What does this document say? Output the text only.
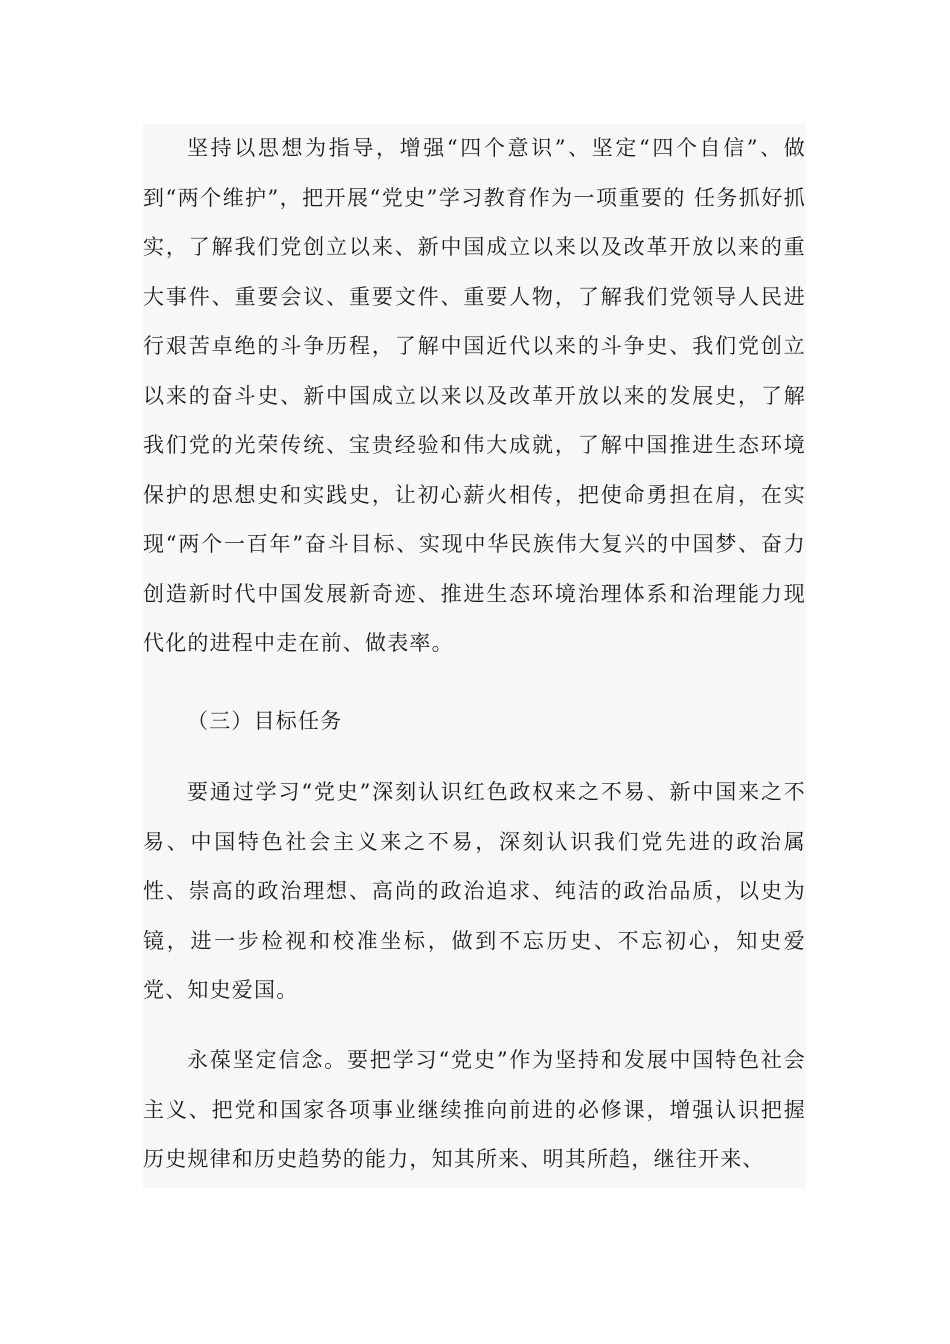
坚持以思想为指导，增强“四个意识”、坚定“四个自信”、做到“两个维护”，把开展“党史”学习教育作为一项重要的 任务抓好抓实，了解我们党创立以来、新中国成立以来以及改革开放以来的重大事件、重要会议、重要文件、重要人物，了解我们党领导人民进行艰苦卓绝的斗争历程，了解中国近代以来的斗争史、我们党创立以来的奋斗史、新中国成立以来以及改革开放以来的发展史，了解我们党的光荣传统、宝贵经验和伟大成就，了解中国推进生态环境保护的思想史和实践史，让初心薪火相传，把使命勇担在肩，在实现“两个一百年”奋斗目标、实现中华民族伟大复兴的中国梦、奋力创造新时代中国发展新奇迹、推进生态环境治理体系和治理能力现代化的进程中走在前、做表率。

（三）目标任务

要通过学习“党史”深刻认识红色政权来之不易、新中国来之不易、中国特色社会主义来之不易，深刻认识我们党先进的政治属性、崇高的政治理想、高尚的政治追求、纯洁的政治品质，以史为镜，进一步检视和校准坐标，做到不忘历史、不忘初心，知史爱党、知史爱国。

永葆坚定信念。要把学习“党史”作为坚持和发展中国特色社会主义、把党和国家各项事业继续推向前进的必修课，增强认识把握历史规律和历史趋势的能力，知其所来、明其所趋，继往开来、
